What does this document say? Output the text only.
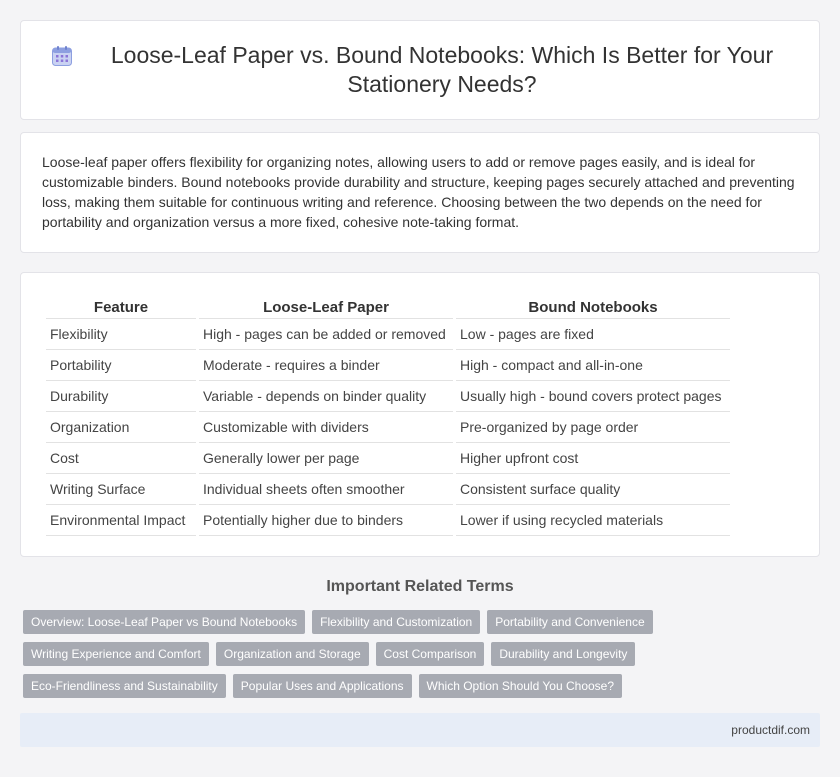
Loose-Leaf Paper vs. Bound Notebooks: Which Is Better for Your Stationery Needs?

Loose-leaf paper offers flexibility for organizing notes, allowing users to add or remove pages easily, and is ideal for customizable binders. Bound notebooks provide durability and structure, keeping pages securely attached and preventing loss, making them suitable for continuous writing and reference. Choosing between the two depends on the need for portability and organization versus a more fixed, cohesive note-taking format.

Feature	Loose-Leaf Paper	Bound Notebooks
Flexibility	High - pages can be added or removed	Low - pages are fixed
Portability	Moderate - requires a binder	High - compact and all-in-one
Durability	Variable - depends on binder quality	Usually high - bound covers protect pages
Organization	Customizable with dividers	Pre-organized by page order
Cost	Generally lower per page	Higher upfront cost
Writing Surface	Individual sheets often smoother	Consistent surface quality
Environmental Impact	Potentially higher due to binders	Lower if using recycled materials
Important Related Terms
Overview: Loose-Leaf Paper vs Bound Notebooks	Flexibility and Customization	Portability and Convenience
Writing Experience and Comfort	Organization and Storage	Cost Comparison	Durability and Longevity
Eco-Friendliness and Sustainability	Popular Uses and Applications	Which Option Should You Choose?
productdif.com
